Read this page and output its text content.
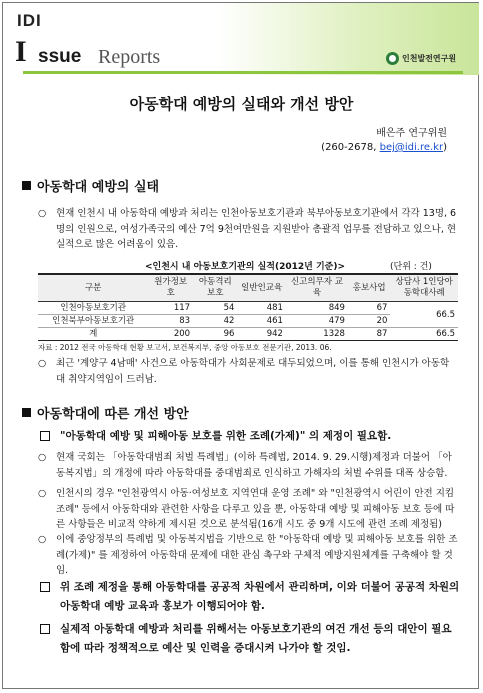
IDI
I ssue Reports	인천발전연구원
아동학대 예방의 실태와 개선 방안
배은주 연구위원
(260-2678, bej@idi.re.kr)
아동학대 예방의 실태
○ 현재 인천시 내 아동학대 예방과 처리는 인천아동보호기관과 북부아동보호기관에서 각각 13명, 6명의 인원으로, 여성가족국의 예산 7억 9천여만원을 지원받아 총괄적 업무를 전담하고 있으나, 현실적으로 많은 어려움이 있음.
<인천시 내 아동보호기관의 실적(2012년 기준)>	(단위 : 건)
구분	원가정보호	아동격리보호	일반인교육	신고의무자 교육	홍보사업	상담사 1인당아동학대사례
인천아동보호기관	117	54	481	849	67	66.5
인천북부아동보호기관	83	42	461	479	20	
계	200	96	942	1328	87	66.5
자료 : 2012 전국 아동학대 현황 보고서, 보건복지부, 중앙 아동보호 전문기관, 2013. 06.
○ 최근 '계양구 4남매' 사건으로 아동학대가 사회문제로 대두되었으며, 이를 통해 인천시가 아동학대 취약지역임이 드러남.
아동학대에 따른 개선 방안
"아동학대 예방 및 피해아동 보호를 위한 조례(가제)" 의 제정이 필요함.
○ 현재 국회는 「아동학대범죄 처벌 특례법」(이하 특례법, 2014. 9. 29.시행)제정과 더불어 「아동복지법」의 개정에 따라 아동학대를 중대범죄로 인식하고 가해자의 처벌 수위를 대폭 상승함.
○ 인천시의 경우 "인천광역시 아동·여성보호 지역연대 운영 조례" 와 "인천광역시 어린이 안전 지킴 조례" 등에서 아동학대와 관련한 사항을 다루고 있을 뿐, 아동학대 예방 및 피해아동 보호 등에 따른 사항들은 비교적 약하게 제시된 것으로 분석됨(16개 시도 중 9개 시도에 관련 조례 제정됨)
○ 이에 중앙정부의 특례법 및 아동복지법을 기반으로 한 "아동학대 예방 및 피해아동 보호를 위한 조례(가제)" 를 제정하여 아동학대 문제에 대한 관심 촉구와 구체적 예방지원체계를 구축해야 할 것임.
위 조례 제정을 통해 아동학대를 공공적 차원에서 관리하며, 이와 더불어 공공적 차원의 아동학대 예방 교육과 홍보가 이행되어야 함.
실제적 아동학대 예방과 처리를 위해서는 아동보호기관의 여건 개선 등의 대안이 필요함에 따라 정책적으로 예산 및 인력을 증대시켜 나가야 할 것임.
